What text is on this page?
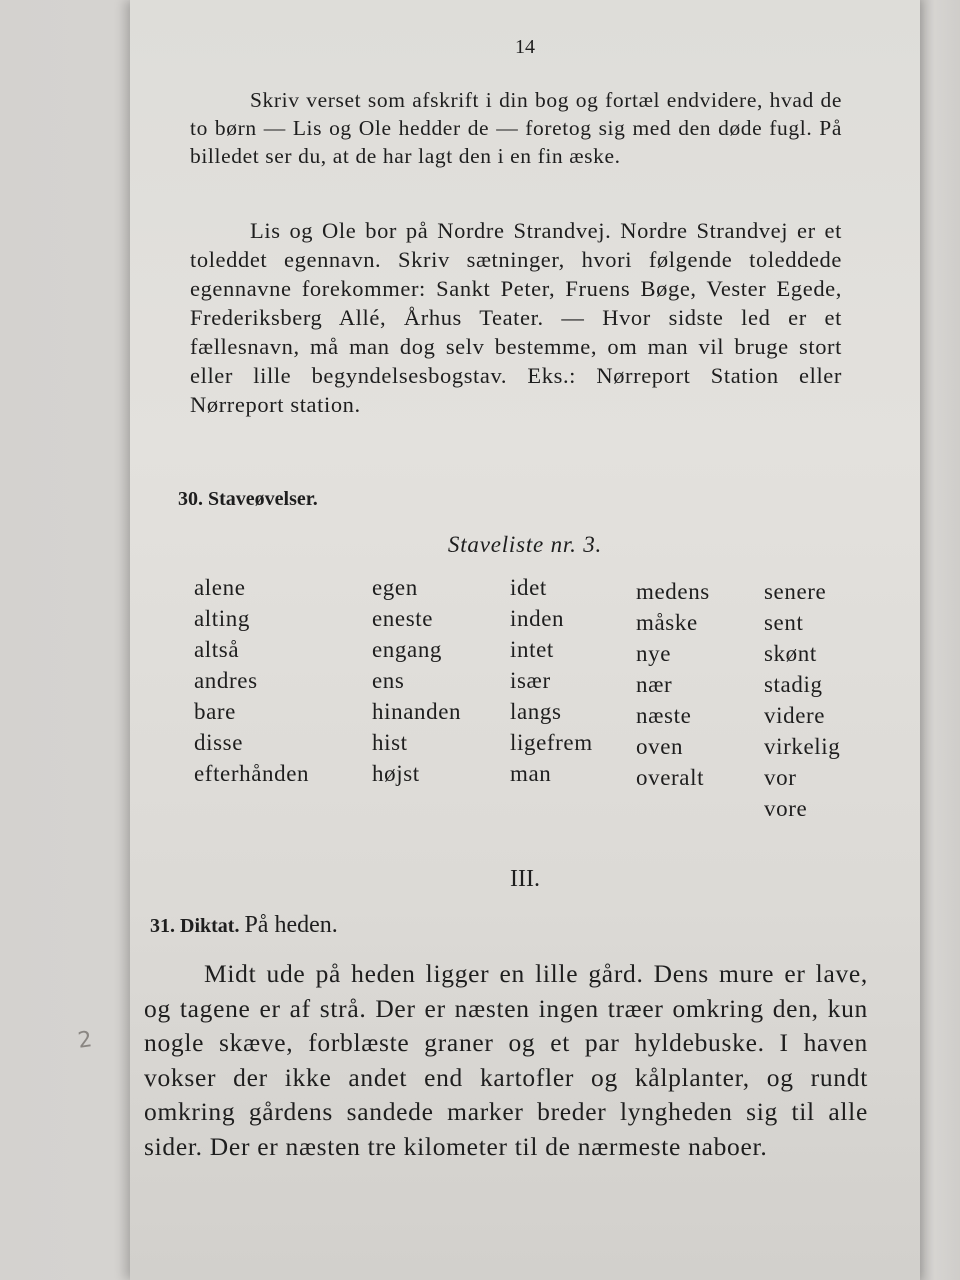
14

Skriv verset som afskrift i din bog og fortæl endvidere, hvad de to børn — Lis og Ole hedder de — foretog sig med den døde fugl. På billedet ser du, at de har lagt den i en fin æske.

Lis og Ole bor på Nordre Strandvej. Nordre Strandvej er et toleddet egennavn. Skriv sætninger, hvori følgende toleddede egennavne forekommer: Sankt Peter, Fruens Bøge, Vester Egede, Frederiksberg Allé, Århus Teater. — Hvor sidste led er et fællesnavn, må man dog selv bestemme, om man vil bruge stort eller lille begyndelsesbogstav. Eks.: Nørreport Station eller Nørreport station.

30. Staveøvelser.
Staveliste nr. 3.
alene
alting
altså
andres
bare
disse
efterhånden
egen
eneste
engang
ens
hinanden
hist
højst
idet
inden
intet
især
langs
ligefrem
man
medens
måske
nye
nær
næste
oven
overalt
senere
sent
skønt
stadig
videre
virkelig
vor
vore
III.
31. Diktat. På heden.

Midt ude på heden ligger en lille gård. Dens mure er lave, og tagene er af strå. Der er næsten ingen træer omkring den, kun nogle skæve, forblæste graner og et par hyldebuske. I haven vokser der ikke andet end kartofler og kålplanter, og rundt omkring gårdens sandede marker breder lyngheden sig til alle sider. Der er næsten tre kilometer til de nærmeste naboer.

2
